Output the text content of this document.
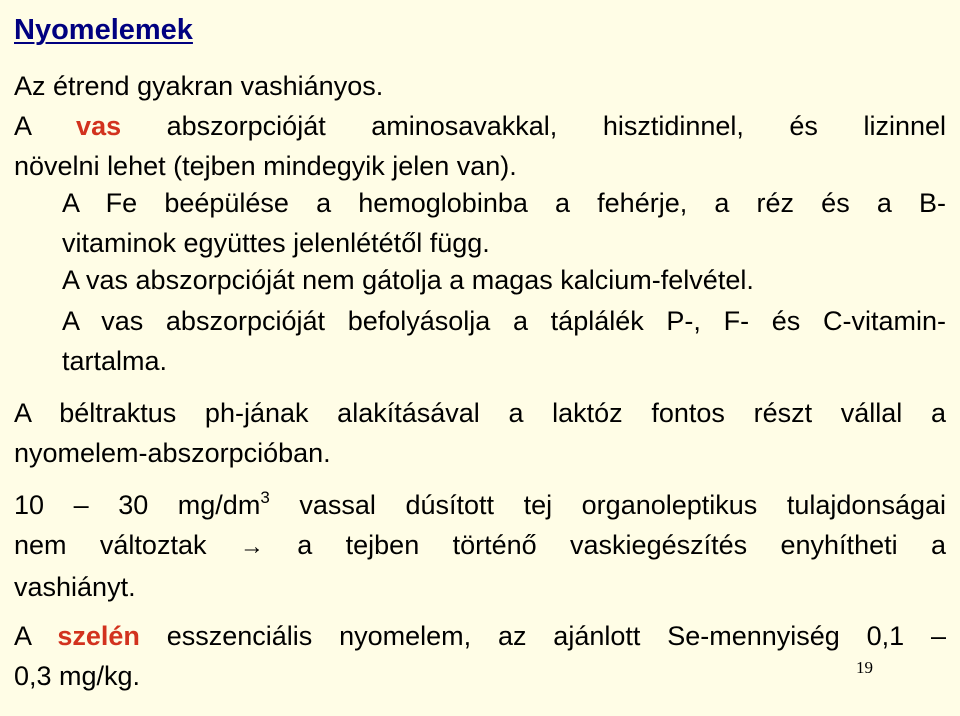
Nyomelemek
Az étrend gyakran vashiányos.
A vas abszorpcióját aminosavakkal, hisztidinnel, és lizinnel
növelni lehet (tejben mindegyik jelen van).
A Fe beépülése a hemoglobinba a fehérje, a réz és a B-
vitaminok együttes jelenlététől függ.
A vas abszorpcióját nem gátolja a magas kalcium-felvétel.
A vas abszorpcióját befolyásolja a táplálék P-, F- és C-vitamin-
tartalma.
A béltraktus ph-jának alakításával a laktóz fontos részt vállal a
nyomelem-abszorpcióban.
10 – 30 $mg/dm^3$ vassal dúsított tej organoleptikus tulajdonságai
nem változtak → a tejben történő vaskiegészítés enyhítheti a
vashiányt.
A szelén esszenciális nyomelem, az ajánlott Se-mennyiség 0,1 –
0,3 mg/kg.	19
